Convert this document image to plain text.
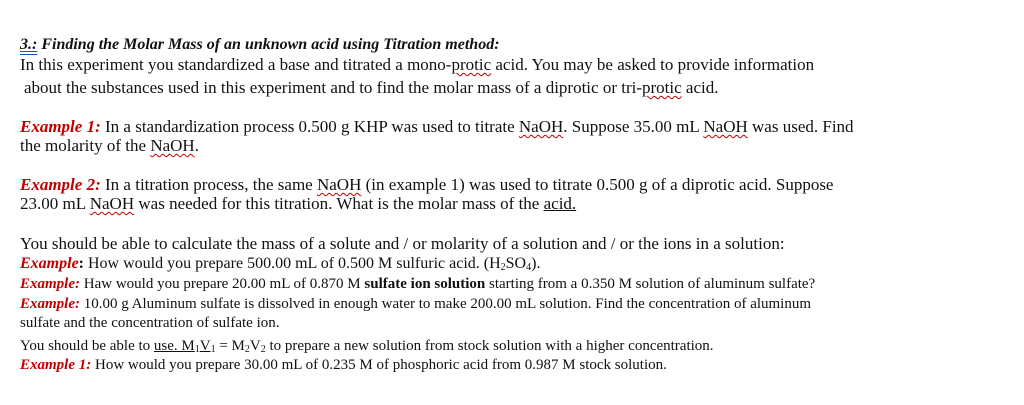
3.: Finding the Molar Mass of an unknown acid using Titration method:
In this experiment you standardized a base and titrated a mono-protic acid. You may be asked to provide information
about the substances used in this experiment and to find the molar mass of a diprotic or tri-protic acid.
Example 1: In a standardization process 0.500 g KHP was used to titrate NaOH. Suppose 35.00 mL NaOH was used. Find
the molarity of the NaOH.
Example 2: In a titration process, the same NaOH (in example 1) was used to titrate 0.500 g of a diprotic acid. Suppose
23.00 mL NaOH was needed for this titration. What is the molar mass of the acid.
You should be able to calculate the mass of a solute and / or molarity of a solution and / or the ions in a solution:
Example: How would you prepare 500.00 mL of 0.500 M sulfuric acid. $(H_2SO_4)$.
Example: Haw would you prepare 20.00 mL of 0.870 M sulfate ion solution starting from a 0.350 M solution of aluminum sulfate?
Example: 10.00 g Aluminum sulfate is dissolved in enough water to make 200.00 mL solution. Find the concentration of aluminum
sulfate and the concentration of sulfate ion.
You should be able to use. $M_1V_1 = M_2V_2$ to prepare a new solution from stock solution with a higher concentration.
Example 1: How would you prepare 30.00 mL of 0.235 M of phosphoric acid from 0.987 M stock solution.
